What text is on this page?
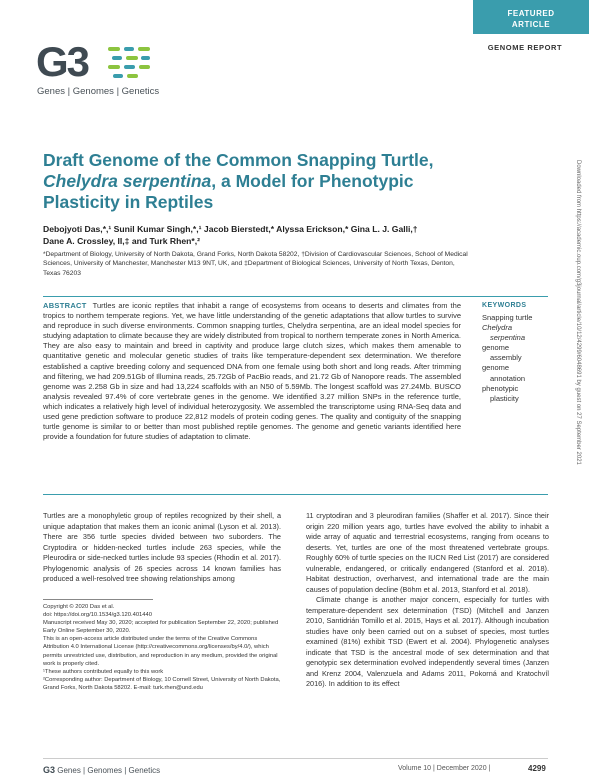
FEATURED
ARTICLE
GENOME REPORT
G3
Genes | Genomes | Genetics
Draft Genome of the Common Snapping Turtle,
Chelydra serpentina, a Model for Phenotypic
Plasticity in Reptiles
Debojyoti Das,*,¹ Sunil Kumar Singh,*,¹ Jacob Bierstedt,* Alyssa Erickson,* Gina L. J. Galli,†
Dane A. Crossley, II,‡ and Turk Rhen*,²
*Department of Biology, University of North Dakota, Grand Forks, North Dakota 58202, †Division of Cardiovascular Sciences, School of Medical Sciences, University of Manchester, Manchester M13 9NT, UK, and ‡Department of Biological Sciences, University of North Texas, Denton, Texas 76203	Downloaded from https://academic.oup.com/g3journal/article/10/12/4299/6048691 by guest on 27 September 2021
ABSTRACT Turtles are iconic reptiles that inhabit a range of ecosystems from oceans to deserts and climates from the tropics to northern temperate regions. Yet, we have little understanding of the genetic adaptations that allow turtles to survive and reproduce in such diverse environments. Common snapping turtles, Chelydra serpentina, are an ideal model species for studying adaptation to climate because they are widely distributed from tropical to northern temperate zones in North America. They are also easy to maintain and breed in captivity and produce large clutch sizes, which makes them amenable to quantitative genetic and molecular genetic studies of traits like temperature-dependent sex determination. We therefore established a captive breeding colony and sequenced DNA from one female using both short and long reads. After trimming and filtering, we had 209.51Gb of Illumina reads, 25.72Gb of PacBio reads, and 21.72 Gb of Nanopore reads. The assembled genome was 2.258 Gb in size and had 13,224 scaffolds with an N50 of 5.59Mb. The longest scaffold was 27.24Mb. BUSCO analysis revealed 97.4% of core vertebrate genes in the genome. We identified 3.27 million SNPs in the reference turtle, which indicates a relatively high level of individual heterozygosity. We assembled the transcriptome using RNA-Seq data and used gene prediction software to produce 22,812 models of protein coding genes. The quality and contiguity of the snapping turtle genome is similar to or better than most published reptile genomes. The genome and genetic variants identified here provide a foundation for future studies of adaptation to climate.
KEYWORDS
Snapping turtle
Chelydra
serpentina
genome
assembly
genome
annotation
phenotypic
plasticity

Turtles are a monophyletic group of reptiles recognized by their shell, a unique adaptation that makes them an iconic animal (Lyson et al. 2013). There are 356 turtle species divided between two suborders. The Cryptodira or hidden-necked turtles include 263 species, while the Pleurodira or side-necked turtles include 93 species (Rhodin et al. 2017). Phylogenomic analysis of 26 species across 14 known families has produced a well-resolved tree showing relationships among

Copyright © 2020 Das et al.

doi: https://doi.org/10.1534/g3.120.401440

Manuscript received May 30, 2020; accepted for publication September 22, 2020; published Early Online September 30, 2020.

This is an open-access article distributed under the terms of the Creative Commons Attribution 4.0 International License (http://creativecommons.org/licenses/by/4.0/), which permits unrestricted use, distribution, and reproduction in any medium, provided the original work is properly cited.

¹These authors contributed equally to this work

²Corresponding author: Department of Biology, 10 Cornell Street, University of North Dakota, Grand Forks, North Dakota 58202. E-mail: turk.rhen@und.edu

11 cryptodiran and 3 pleurodiran families (Shaffer et al. 2017). Since their origin 220 million years ago, turtles have evolved the ability to inhabit a wide array of aquatic and terrestrial ecosystems, ranging from oceans to deserts. Yet, turtles are one of the most threatened vertebrate groups. Roughly 60% of turtle species on the IUCN Red List (2017) are considered vulnerable, endangered, or critically endangered (Stanford et al. 2018). Habitat destruction, overharvest, and international trade are the main causes of population decline (Böhm et al. 2013, Stanford et al. 2018).

Climate change is another major concern, especially for turtles with temperature-dependent sex determination (TSD) (Mitchell and Janzen 2010, Santidrián Tomillo et al. 2015, Hays et al. 2017). Although incubation studies have only been carried out on a subset of species, most turtles examined (81%) exhibit TSD (Ewert et al. 2004). Phylogenetic analyses indicate that TSD is the ancestral mode of sex determination and that genotypic sex determination evolved independently several times (Janzen and Krenz 2004, Valenzuela and Adams 2011, Pokorná and Kratochvíl 2016). In addition to its effect

G3 Genes | Genomes | Genetics	Volume 10 | December 2020 |	4299
